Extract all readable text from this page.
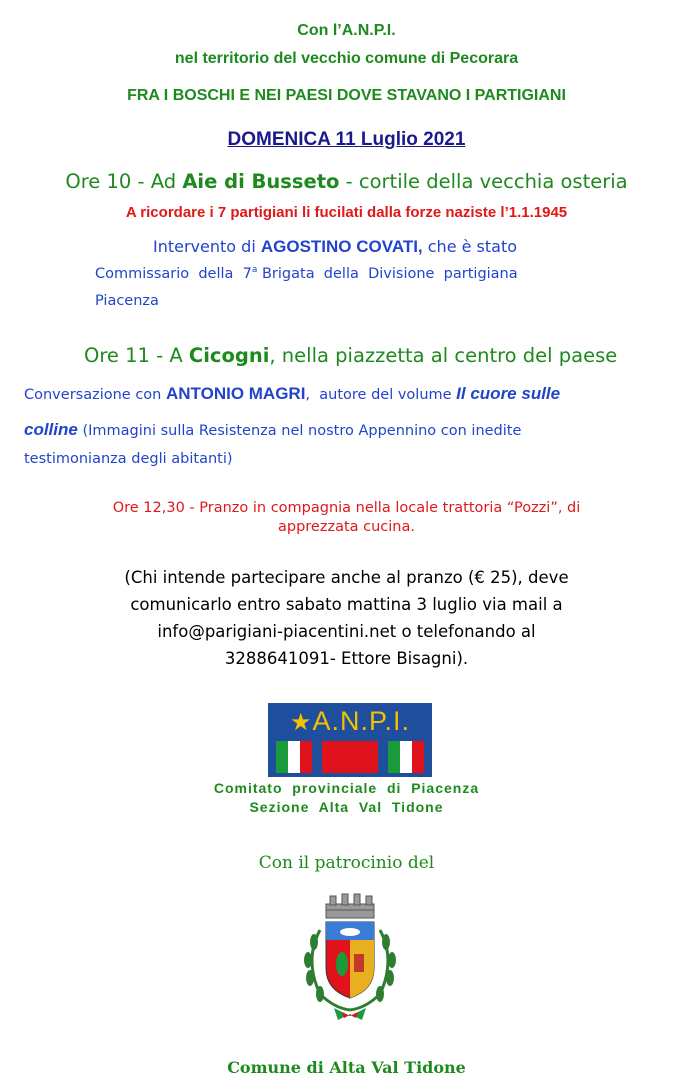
Con l’A.N.P.I.
nel territorio del vecchio comune di Pecorara
FRA I BOSCHI E NEI PAESI DOVE STAVANO I PARTIGIANI
DOMENICA 11 Luglio 2021
Ore 10 - Ad Aie di Busseto - cortile della vecchia osteria
A ricordare i 7 partigiani li fucilati dalla forze naziste l’1.1.1945
Intervento di AGOSTINO COVATI, che è stato
Commissario  della  7$^a$ Brigata  della  Divisione  partigiana
Piacenza
Ore 11 - A Cicogni, nella piazzetta al centro del paese
Conversazione con ANTONIO MAGRI,  autore del volume Il cuore sulle
colline (Immagini sulla Resistenza nel nostro Appennino con inedite
testimonianza degli abitanti)
Ore 12,30 - Pranzo in compagnia nella locale trattoria “Pozzi”, di
apprezzata cucina.
(Chi intende partecipare anche al pranzo (€ 25), deve
comunicarlo entro sabato mattina 3 luglio via mail a
info@parigiani-piacentini.net o telefonando al
3288641091- Ettore Bisagni).
★A.N.P.I.
Comitato  provinciale  di  Piacenza
Sezione  Alta  Val  Tidone
Con il patrocinio del
Comune di Alta Val Tidone
